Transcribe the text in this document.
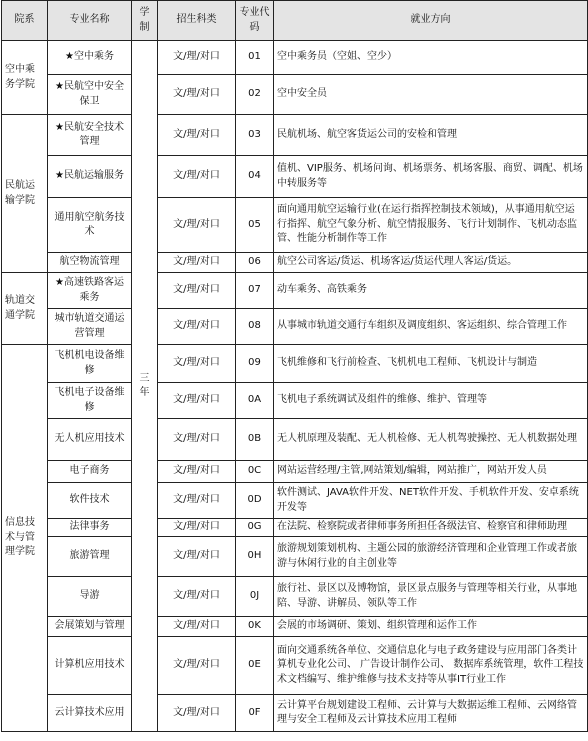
院系	专业名称	学制	招生科类	专业代码	就业方向
空中乘务学院	★空中乘务	三年	文/理/对口	01	空中乘务员（空姐、空少）
	★民航空中安全保卫		文/理/对口	02	空中安全员
民航运输学院	★民航安全技术管理		文/理/对口	03	民航机场、航空客货运公司的安检和管理
	★民航运输服务		文/理/对口	04	值机、VIP服务、机场问询、机场票务、机场客服、商贸、调配、机场中转服务等
	通用航空航务技术		文/理/对口	05	面向通用航空运输行业(在运行指挥控制技术领域)，从事通用航空运行指挥、航空气象分析、航空情报服务、飞行计划制作、飞机动态监管、性能分析制作等工作
	航空物流管理		文/理/对口	06	航空公司客运/货运、机场客运/货运代理人客运/货运。
轨道交通学院	★高速铁路客运乘务		文/理/对口	07	动车乘务、高铁乘务
	城市轨道交通运营管理		文/理/对口	08	从事城市轨道交通行车组织及调度组织、客运组织、综合管理工作
信息技术与管理学院	飞机机电设备维修		文/理/对口	09	飞机维修和飞行前检查、飞机机电工程师、飞机设计与制造
	飞机电子设备维修		文/理/对口	0A	飞机电子系统调试及组件的维修、维护、管理等
	无人机应用技术		文/理/对口	0B	无人机原理及装配、无人机检修、无人机驾驶操控、无人机数据处理
	电子商务		文/理/对口	0C	网站运营经理/主管,网站策划/编辑，网站推广，网站开发人员
	软件技术		文/理/对口	0D	软件测试、JAVA软件开发、NET软件开发、手机软件开发、安卓系统开发等
	法律事务		文/理/对口	0G	在法院、检察院或者律师事务所担任各级法官、检察官和律师助理
	旅游管理		文/理/对口	0H	旅游规划策划机构、主题公园的旅游经济管理和企业管理工作或者旅游与休闲行业的自主创业等
	导游		文/理/对口	0J	旅行社、景区以及博物馆，景区景点服务与管理等相关行业，从事地陪、导游、讲解员、领队等工作
	会展策划与管理		文/理/对口	0K	会展的市场调研、策划、组织管理和运作工作
	计算机应用技术		文/理/对口	0E	面向交通系统各单位、交通信息化与电子政务建设与应用部门各类计算机专业化公司、 广告设计制作公司、 数据库系统管理，软件工程技术文档编写、维护维修与技术支持等从事IT行业工作
	云计算技术应用		文/理/对口	0F	云计算平台规划建设工程师、云计算与大数据运维工程师、云网络管理与安全工程师及云计算技术应用工程师
